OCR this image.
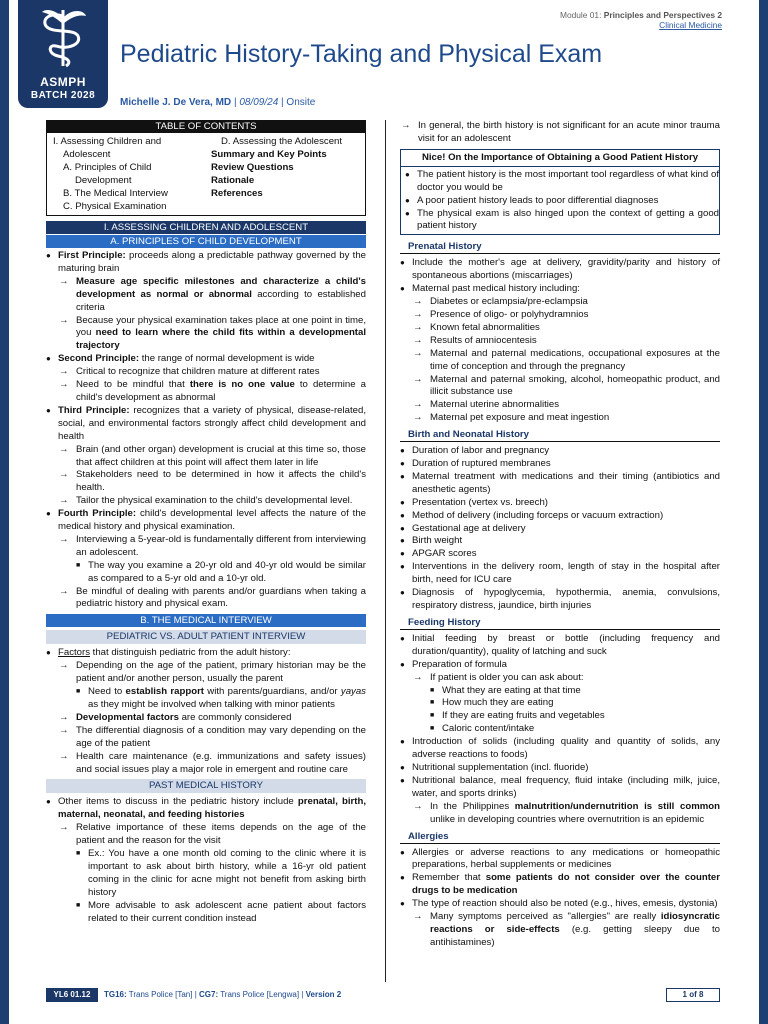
ASMPH
BATCH 2028
Module 01: Principles and Perspectives 2
Clinical Medicine
Pediatric History-Taking and Physical Exam
Michelle J. De Vera, MD | 08/09/24 | Onsite
TABLE OF CONTENTS
I. Assessing Children and
Adolescent
A. Principles of Child
Development
B. The Medical Interview
C. Physical Examination
D. Assessing the Adolescent
Summary and Key Points
Review Questions
Rationale
References
I. ASSESSING CHILDREN AND ADOLESCENT
A. PRINCIPLES OF CHILD DEVELOPMENT
● First Principle: proceeds along a predictable pathway governed by the maturing brain
→ Measure age specific milestones and characterize a child's development as normal or abnormal according to established criteria
→ Because your physical examination takes place at one point in time, you need to learn where the child fits within a developmental trajectory
● Second Principle: the range of normal development is wide
→ Critical to recognize that children mature at different rates
→ Need to be mindful that there is no one value to determine a child's development as abnormal
● Third Principle: recognizes that a variety of physical, disease-related, social, and environmental factors strongly affect child development and health
→ Brain (and other organ) development is crucial at this time so, those that affect children at this point will affect them later in life
→ Stakeholders need to be determined in how it affects the child's health.
→ Tailor the physical examination to the child's developmental level.
● Fourth Principle: child's developmental level affects the nature of the medical history and physical examination.
→ Interviewing a 5-year-old is fundamentally different from interviewing an adolescent.
■ The way you examine a 20-yr old and 40-yr old would be similar as compared to a 5-yr old and a 10-yr old.
→ Be mindful of dealing with parents and/or guardians when taking a pediatric history and physical exam.
B. THE MEDICAL INTERVIEW
PEDIATRIC VS. ADULT PATIENT INTERVIEW
● Factors that distinguish pediatric from the adult history:
→ Depending on the age of the patient, primary historian may be the patient and/or another person, usually the parent
■ Need to establish rapport with parents/guardians, and/or yayas as they might be involved when talking with minor patients
→ Developmental factors are commonly considered
→ The differential diagnosis of a condition may vary depending on the age of the patient
→ Health care maintenance (e.g. immunizations and safety issues) and social issues play a major role in emergent and routine care
PAST MEDICAL HISTORY
● Other items to discuss in the pediatric history include prenatal, birth, maternal, neonatal, and feeding histories
→ Relative importance of these items depends on the age of the patient and the reason for the visit
■ Ex.: You have a one month old coming to the clinic where it is important to ask about birth history, while a 16-yr old patient coming in the clinic for acne might not benefit from asking birth history
■ More advisable to ask adolescent acne patient about factors related to their current condition instead
→ In general, the birth history is not significant for an acute minor trauma visit for an adolescent
Nice! On the Importance of Obtaining a Good Patient History
● The patient history is the most important tool regardless of what kind of doctor you would be
● A poor patient history leads to poor differential diagnoses
● The physical exam is also hinged upon the context of getting a good patient history
Prenatal History
● Include the mother's age at delivery, gravidity/parity and history of spontaneous abortions (miscarriages)
● Maternal past medical history including:
→ Diabetes or eclampsia/pre-eclampsia
→ Presence of oligo- or polyhydramnios
→ Known fetal abnormalities
→ Results of amniocentesis
→ Maternal and paternal medications, occupational exposures at the time of conception and through the pregnancy
→ Maternal and paternal smoking, alcohol, homeopathic product, and illicit substance use
→ Maternal uterine abnormalities
→ Maternal pet exposure and meat ingestion
Birth and Neonatal History
● Duration of labor and pregnancy
● Duration of ruptured membranes
● Maternal treatment with medications and their timing (antibiotics and anesthetic agents)
● Presentation (vertex vs. breech)
● Method of delivery (including forceps or vacuum extraction)
● Gestational age at delivery
● Birth weight
● APGAR scores
● Interventions in the delivery room, length of stay in the hospital after birth, need for ICU care
● Diagnosis of hypoglycemia, hypothermia, anemia, convulsions, respiratory distress, jaundice, birth injuries
Feeding History
● Initial feeding by breast or bottle (including frequency and duration/quantity), quality of latching and suck
● Preparation of formula
→ If patient is older you can ask about:
■ What they are eating at that time
■ How much they are eating
■ If they are eating fruits and vegetables
■ Caloric content/intake
● Introduction of solids (including quality and quantity of solids, any adverse reactions to foods)
● Nutritional supplementation (incl. fluoride)
● Nutritional balance, meal frequency, fluid intake (including milk, juice, water, and sports drinks)
→ In the Philippines malnutrition/undernutrition is still common unlike in developing countries where overnutrition is an epidemic
Allergies
● Allergies or adverse reactions to any medications or homeopathic preparations, herbal supplements or medicines
● Remember that some patients do not consider over the counter drugs to be medication
● The type of reaction should also be noted (e.g., hives, emesis, dystonia)
→ Many symptoms perceived as "allergies" are really idiosyncratic reactions or side-effects (e.g. getting sleepy due to antihistamines)
YL6 01.12	TG16: Trans Police [Tan] | CG7: Trans Police [Lengwa] | Version 2	1 of 8
